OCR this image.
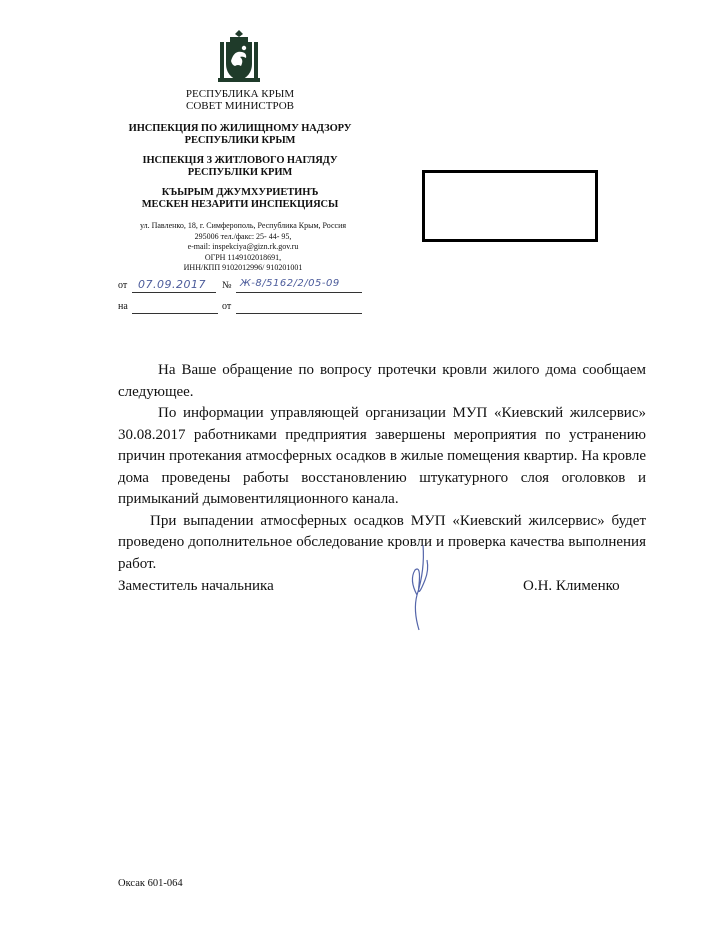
РЕСПУБЛИКА КРЫМ
СОВЕТ МИНИСТРОВ
ИНСПЕКЦИЯ ПО ЖИЛИЩНОМУ НАДЗОРУ
РЕСПУБЛИКИ КРЫМ
ІНСПЕКЦІЯ З ЖИТЛОВОГО НАГЛЯДУ
РЕСПУБЛІКИ КРИМ
КЪЫРЫМ ДЖУМХУРИЕТИНЪ
МЕСКЕН НЕЗАРИТИ ИНСПЕКЦИЯСЫ
ул. Павленко, 18, г. Симферополь, Республика Крым, Россия
295006 тел./факс: 25- 44- 95,
e-mail: inspekciya@gizn.rk.gov.ru
ОГРН 1149102018691,
ИНН/КПП 9102012996/ 910201001
от 07.09.2017 № Ж-8/5162/2/05-09
на	от

На Ваше обращение по вопросу протечки кровли жилого дома сообщаем следующее.

По информации управляющей организации МУП «Киевский жилсервис» 30.08.2017 работниками предприятия завершены мероприятия по устранению причин протекания атмосферных осадков в жилые помещения квартир. На кровле дома проведены работы восстановлению штукатурного слоя оголовков и примыканий дымовентиляционного канала.

При выпадении атмосферных осадков МУП «Киевский жилсервис» будет проведено дополнительное обследование кровли и проверка качества выполнения работ.

Заместитель начальника	О.Н. Клименко
Оксак 601-064
